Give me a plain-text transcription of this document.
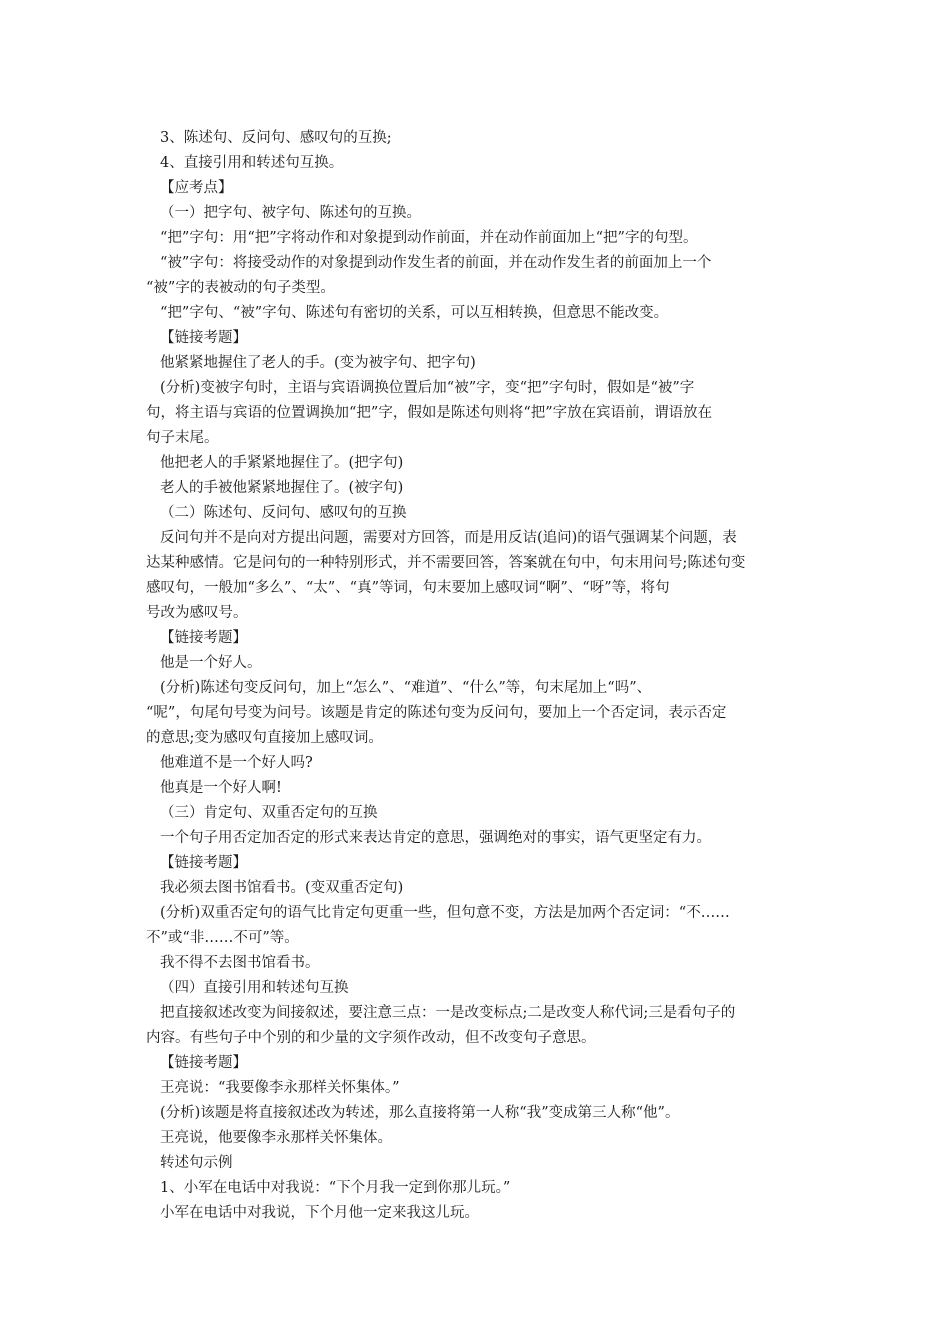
3、陈述句、反问句、感叹句的互换;
4、直接引用和转述句互换。
【应考点】
（一）把字句、被字句、陈述句的互换。
“把”字句：用“把”字将动作和对象提到动作前面，并在动作前面加上“把”字的句型。
“被”字句：将接受动作的对象提到动作发生者的前面，并在动作发生者的前面加上一个
“被”字的表被动的句子类型。
“把”字句、“被”字句、陈述句有密切的关系，可以互相转换，但意思不能改变。
【链接考题】
他紧紧地握住了老人的手。(变为被字句、把字句)
(分析)变被字句时，主语与宾语调换位置后加“被”字，变“把”字句时，假如是“被”字
句，将主语与宾语的位置调换加“把”字，假如是陈述句则将“把”字放在宾语前，谓语放在
句子末尾。
他把老人的手紧紧地握住了。(把字句)
老人的手被他紧紧地握住了。(被字句)
（二）陈述句、反问句、感叹句的互换
反问句并不是向对方提出问题，需要对方回答，而是用反诘(追问)的语气强调某个问题，表
达某种感情。它是问句的一种特别形式，并不需要回答，答案就在句中，句末用问号;陈述句变
感叹句，一般加“多么”、“太”、“真”等词，句末要加上感叹词“啊”、“呀”等，将句
号改为感叹号。
【链接考题】
他是一个好人。
(分析)陈述句变反问句，加上“怎么”、“难道”、“什么”等，句末尾加上“吗”、
“呢”，句尾句号变为问号。该题是肯定的陈述句变为反问句，要加上一个否定词，表示否定
的意思;变为感叹句直接加上感叹词。
他难道不是一个好人吗?
他真是一个好人啊!
（三）肯定句、双重否定句的互换
一个句子用否定加否定的形式来表达肯定的意思，强调绝对的事实，语气更坚定有力。
【链接考题】
我必须去图书馆看书。(变双重否定句)
(分析)双重否定句的语气比肯定句更重一些，但句意不变，方法是加两个否定词：“不……
不”或“非……不可”等。
我不得不去图书馆看书。
（四）直接引用和转述句互换
把直接叙述改变为间接叙述，要注意三点：一是改变标点;二是改变人称代词;三是看句子的
内容。有些句子中个别的和少量的文字须作改动，但不改变句子意思。
【链接考题】
王亮说：“我要像李永那样关怀集体。”
(分析)该题是将直接叙述改为转述，那么直接将第一人称“我”变成第三人称“他”。
王亮说，他要像李永那样关怀集体。
转述句示例
1、小军在电话中对我说：“下个月我一定到你那儿玩。”
小军在电话中对我说，下个月他一定来我这儿玩。
